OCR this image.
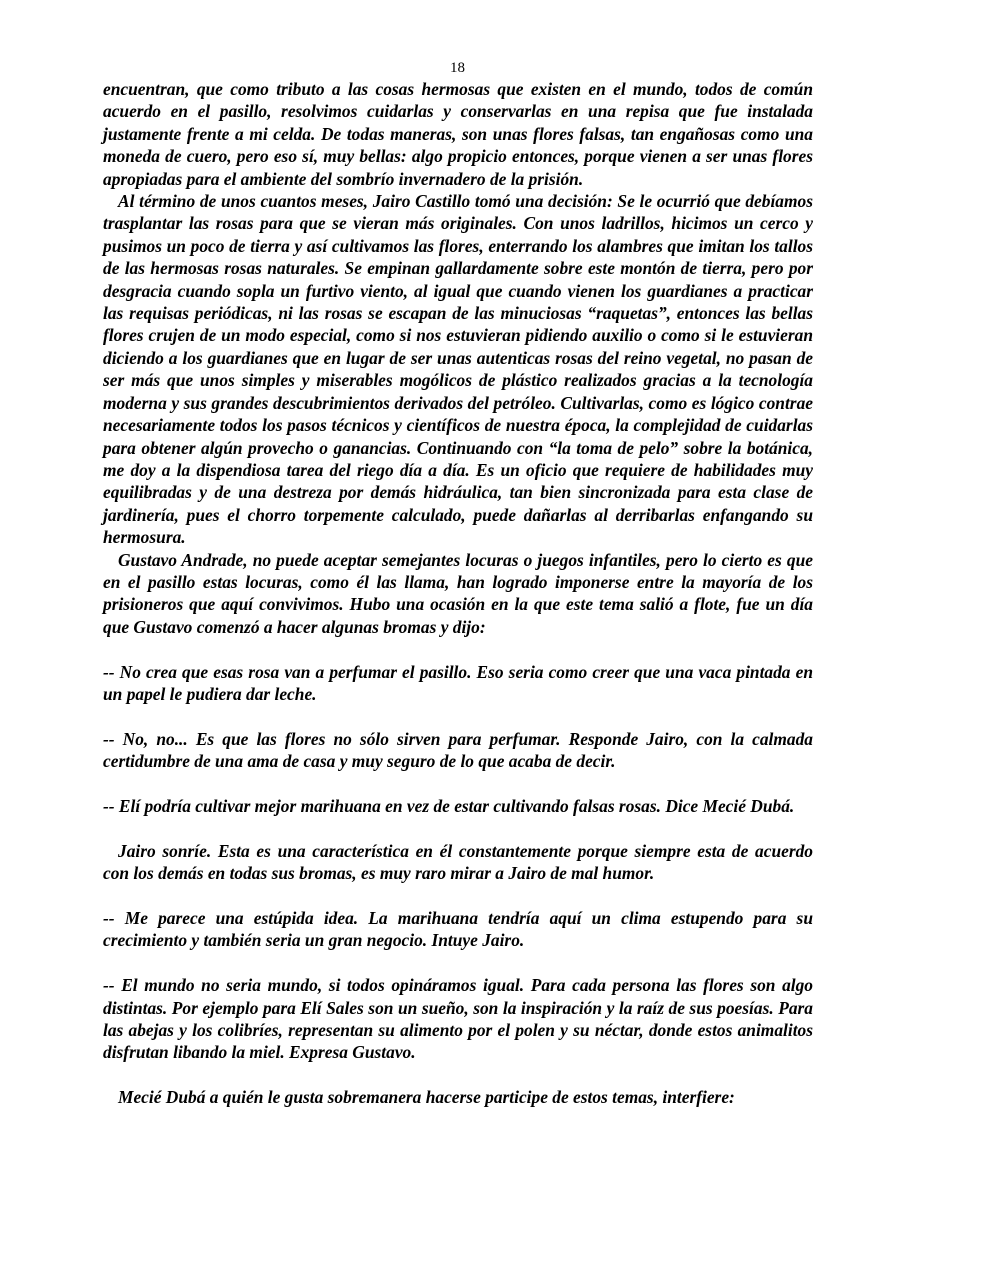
18

encuentran, que como tributo a las cosas hermosas que existen en el mundo, todos de común acuerdo en el pasillo, resolvimos cuidarlas y conservarlas en una repisa que fue instalada justamente frente a mi celda. De todas maneras, son unas flores falsas, tan engañosas como una moneda de cuero, pero eso sí, muy bellas: algo propicio entonces, porque vienen a ser unas flores apropiadas para el ambiente del sombrío invernadero de la prisión.

Al término de unos cuantos meses, Jairo Castillo tomó una decisión: Se le ocurrió que debíamos trasplantar las rosas para que se vieran más originales. Con unos ladrillos, hicimos un cerco y pusimos un poco de tierra y así cultivamos las flores, enterrando los alambres que imitan los tallos de las hermosas rosas naturales. Se empinan gallardamente sobre este montón de tierra, pero por desgracia cuando sopla un furtivo viento, al igual que cuando vienen los guardianes a practicar las requisas periódicas, ni las rosas se escapan de las minuciosas “raquetas”, entonces las bellas flores crujen de un modo especial, como si nos estuvieran pidiendo auxilio o como si le estuvieran diciendo a los guardianes que en lugar de ser unas autenticas rosas del reino vegetal, no pasan de ser más que unos simples y miserables mogólicos de plástico realizados gracias a la tecnología moderna y sus grandes descubrimientos derivados del petróleo. Cultivarlas, como es lógico contrae necesariamente todos los pasos técnicos y científicos de nuestra época, la complejidad de cuidarlas para obtener algún provecho o ganancias. Continuando con “la toma de pelo” sobre la botánica, me doy a la dispendiosa tarea del riego día a día. Es un oficio que requiere de habilidades muy equilibradas y de una destreza por demás hidráulica, tan bien sincronizada para esta clase de jardinería, pues el chorro torpemente calculado, puede dañarlas al derribarlas enfangando su hermosura.

Gustavo Andrade, no puede aceptar semejantes locuras o juegos infantiles, pero lo cierto es que en el pasillo estas locuras, como él las llama, han logrado imponerse entre la mayoría de los prisioneros que aquí convivimos. Hubo una ocasión en la que este tema salió a flote, fue un día que Gustavo comenzó a hacer algunas bromas y dijo:

-- No crea que esas rosa van a perfumar el pasillo. Eso seria como creer que una vaca pintada en un papel le pudiera dar leche.

-- No, no... Es que las flores no sólo sirven para perfumar. Responde Jairo, con la calmada certidumbre de una ama de casa y muy seguro de lo que acaba de decir.

-- Elí podría cultivar mejor marihuana en vez de estar cultivando falsas rosas. Dice Mecié Dubá.

Jairo sonríe. Esta es una característica en él constantemente porque siempre esta de acuerdo con los demás en todas sus bromas, es muy raro mirar a Jairo de mal humor.

-- Me parece una estúpida idea. La marihuana tendría aquí un clima estupendo para su crecimiento y también seria un gran negocio. Intuye Jairo.

-- El mundo no seria mundo, si todos opináramos igual. Para cada persona las flores son algo distintas. Por ejemplo para Elí Sales son un sueño, son la inspiración y la raíz de sus poesías. Para las abejas y los colibríes, representan su alimento por el polen y su néctar, donde estos animalitos disfrutan libando la miel. Expresa Gustavo.

Mecié Dubá a quién le gusta sobremanera hacerse participe de estos temas, interfiere:
